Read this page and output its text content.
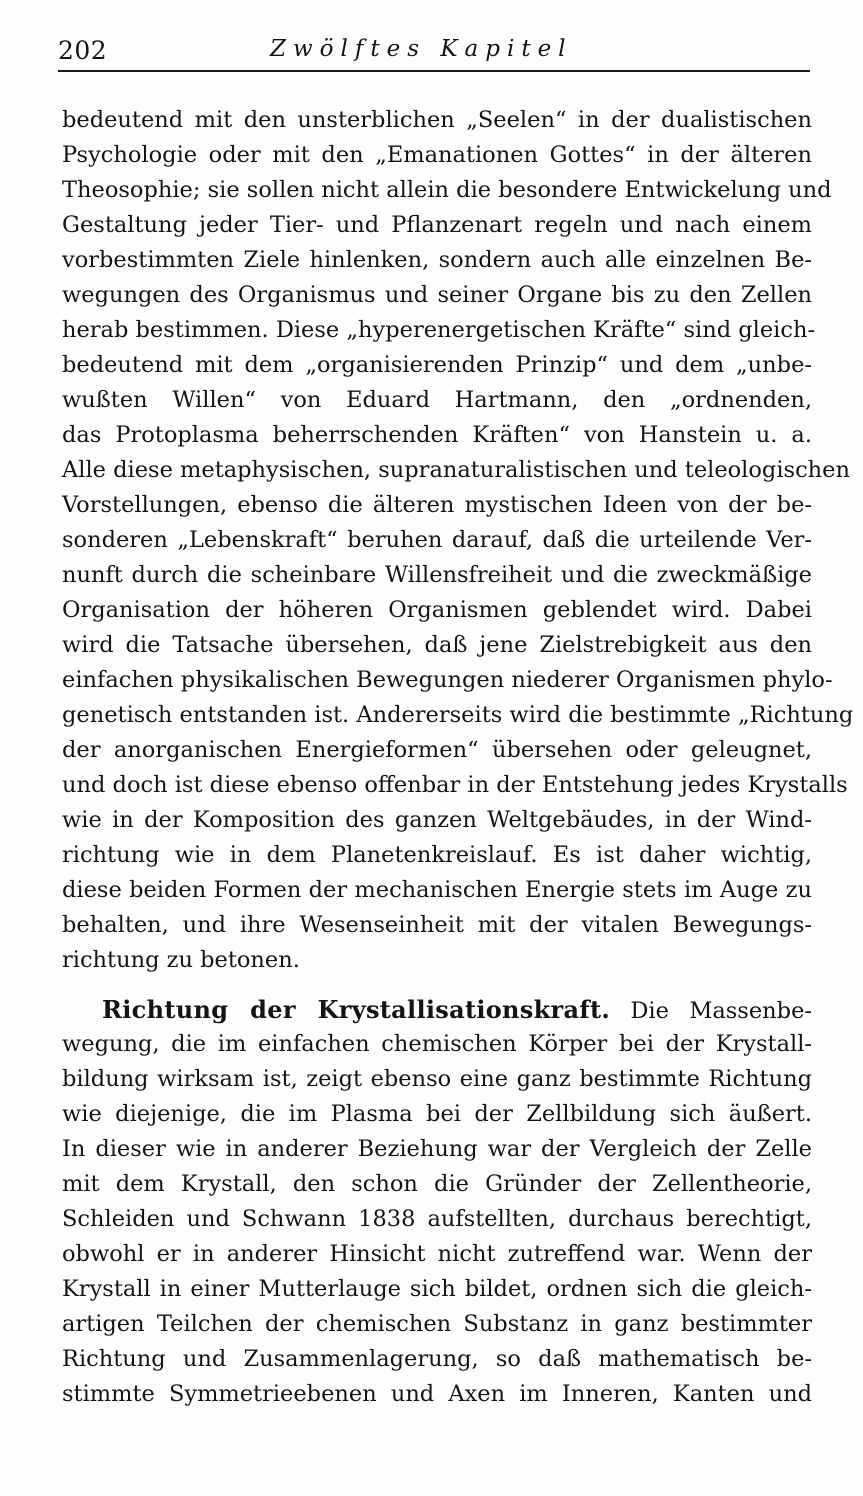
202	Zwölftes Kapitel
bedeutend mit den unsterblichen „Seelen“ in der dualistischen
Psychologie oder mit den „Emanationen Gottes“ in der älteren
Theosophie; sie sollen nicht allein die besondere Entwickelung und
Gestaltung jeder Tier- und Pflanzenart regeln und nach einem
vorbestimmten Ziele hinlenken, sondern auch alle einzelnen Be-
wegungen des Organismus und seiner Organe bis zu den Zellen
herab bestimmen. Diese „hyperenergetischen Kräfte“ sind gleich-
bedeutend mit dem „organisierenden Prinzip“ und dem „unbe-
wußten Willen“ von Eduard Hartmann, den „ordnenden,
das Protoplasma beherrschenden Kräften“ von Hanstein u. a.
Alle diese metaphysischen, supranaturalistischen und teleologischen
Vorstellungen, ebenso die älteren mystischen Ideen von der be-
sonderen „Lebenskraft“ beruhen darauf, daß die urteilende Ver-
nunft durch die scheinbare Willensfreiheit und die zweckmäßige
Organisation der höheren Organismen geblendet wird. Dabei
wird die Tatsache übersehen, daß jene Zielstrebigkeit aus den
einfachen physikalischen Bewegungen niederer Organismen phylo-
genetisch entstanden ist. Andererseits wird die bestimmte „Richtung
der anorganischen Energieformen“ übersehen oder geleugnet,
und doch ist diese ebenso offenbar in der Entstehung jedes Krystalls
wie in der Komposition des ganzen Weltgebäudes, in der Wind-
richtung wie in dem Planetenkreislauf. Es ist daher wichtig,
diese beiden Formen der mechanischen Energie stets im Auge zu
behalten, und ihre Wesenseinheit mit der vitalen Bewegungs-
richtung zu betonen.
Richtung der Krystallisationskraft. Die Massenbe-
wegung, die im einfachen chemischen Körper bei der Krystall-
bildung wirksam ist, zeigt ebenso eine ganz bestimmte Richtung
wie diejenige, die im Plasma bei der Zellbildung sich äußert.
In dieser wie in anderer Beziehung war der Vergleich der Zelle
mit dem Krystall, den schon die Gründer der Zellentheorie,
Schleiden und Schwann 1838 aufstellten, durchaus berechtigt,
obwohl er in anderer Hinsicht nicht zutreffend war. Wenn der
Krystall in einer Mutterlauge sich bildet, ordnen sich die gleich-
artigen Teilchen der chemischen Substanz in ganz bestimmter
Richtung und Zusammenlagerung, so daß mathematisch be-
stimmte Symmetrieebenen und Axen im Inneren, Kanten und
